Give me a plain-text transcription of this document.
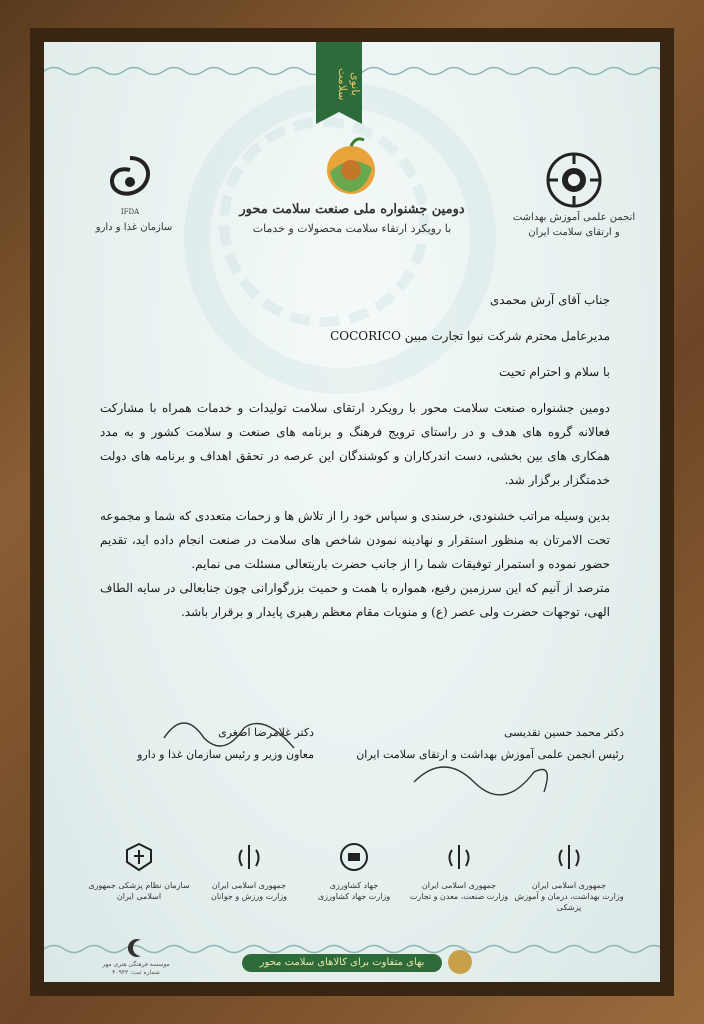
بانوی سلامت
دومین جشنواره ملی صنعت سلامت محور
با رویکرد ارتقاء سلامت محصولات و خدمات
انجمن علمی آموزش بهداشت
و ارتقای سلامت ایران
IFDA
سازمان غذا و دارو

جناب آقای آرش محمدی

مدیرعامل محترم شرکت نیوا تجارت مبین COCORICO

با سلام و احترام تحیت

دومین جشنواره صنعت سلامت محور با رویکرد ارتقای سلامت تولیدات و خدمات همراه با مشارکت فعالانه گروه های هدف و در راستای ترویج فرهنگ و برنامه های صنعت و سلامت کشور و به مدد همکاری های بین بخشی، دست اندرکاران و کوشندگان این عرصه در تحقق اهداف و برنامه های دولت خدمتگزار برگزار شد.

بدین وسیله مراتب خشنودی، خرسندی و سپاس خود را از تلاش ها و زحمات متعددی که شما و مجموعه تحت الامرتان به منظور استقرار و نهادینه نمودن شاخص های سلامت در صنعت انجام داده اید، تقدیم حضور نموده و استمرار توفیقات شما را از جانب حضرت باریتعالی مسئلت می نمایم.

مترصد از آنیم که این سرزمین رفیع، همواره با همت و حمیت بزرگوارانی چون جنابعالی در سایه الطاف الهی، توجهات حضرت ولی عصر (ع) و منویات مقام معظم رهبری پایدار و برقرار باشد.

دکتر محمد حسین تقدیسی
رئیس انجمن علمی آموزش بهداشت و ارتقای سلامت ایران
دکتر غلامرضا اصغری
معاون وزیر و رئیس سازمان غذا و دارو
جمهوری اسلامی ایران
وزارت بهداشت، درمان و آموزش پزشکی
جمهوری اسلامی ایران
وزارت صنعت، معدن و تجارت
جهاد کشاورزی
وزارت جهاد کشاورزی
جمهوری اسلامی ایران
وزارت ورزش و جوانان
سازمان نظام پزشکی جمهوری اسلامی ایران
موسسه فرهنگی هنری مهر
شماره ثبت: ۴۰۹۴۳
بهای متفاوت برای کالاهای سلامت محور
